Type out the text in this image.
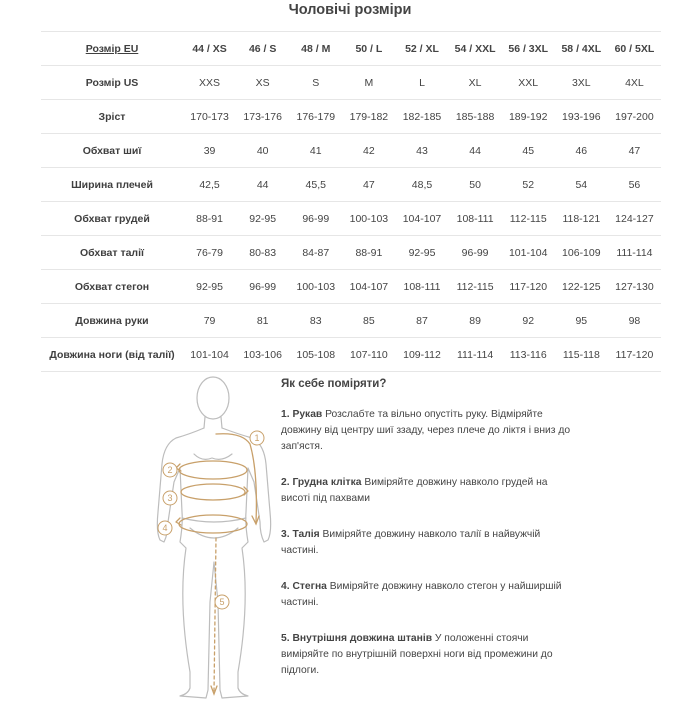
Чоловічі розміри
Розмір EU	44 / XS	46 / S	48 / M	50 / L	52 / XL	54 / XXL	56 / 3XL	58 / 4XL	60 / 5XL
Розмір US	XXS	XS	S	M	L	XL	XXL	3XL	4XL
Зріст	170-173	173-176	176-179	179-182	182-185	185-188	189-192	193-196	197-200
Обхват шиї	39	40	41	42	43	44	45	46	47
Ширина плечей	42,5	44	45,5	47	48,5	50	52	54	56
Обхват грудей	88-91	92-95	96-99	100-103	104-107	108-111	112-115	118-121	124-127
Обхват талії	76-79	80-83	84-87	88-91	92-95	96-99	101-104	106-109	111-114
Обхват стегон	92-95	96-99	100-103	104-107	108-111	112-115	117-120	122-125	127-130
Довжина руки	79	81	83	85	87	89	92	95	98
Довжина ноги (від талії)	101-104	103-106	105-108	107-110	109-112	111-114	113-116	115-118	117-120
1
2
3
4
5
Як себе поміряти?
1. Рукав Розслабте та вільно опустіть руку. Відміряйте довжину від центру шиї ззаду, через плече до ліктя і вниз до зап'ястя.
2. Грудна клітка Виміряйте довжину навколо грудей на висоті під пахвами
3. Талія Виміряйте довжину навколо талії в найвужчій частині.
4. Стегна Виміряйте довжину навколо стегон у найширшій частині.
5. Внутрішня довжина штанів У положенні стоячи виміряйте по внутрішній поверхні ноги від промежини до підлоги.
